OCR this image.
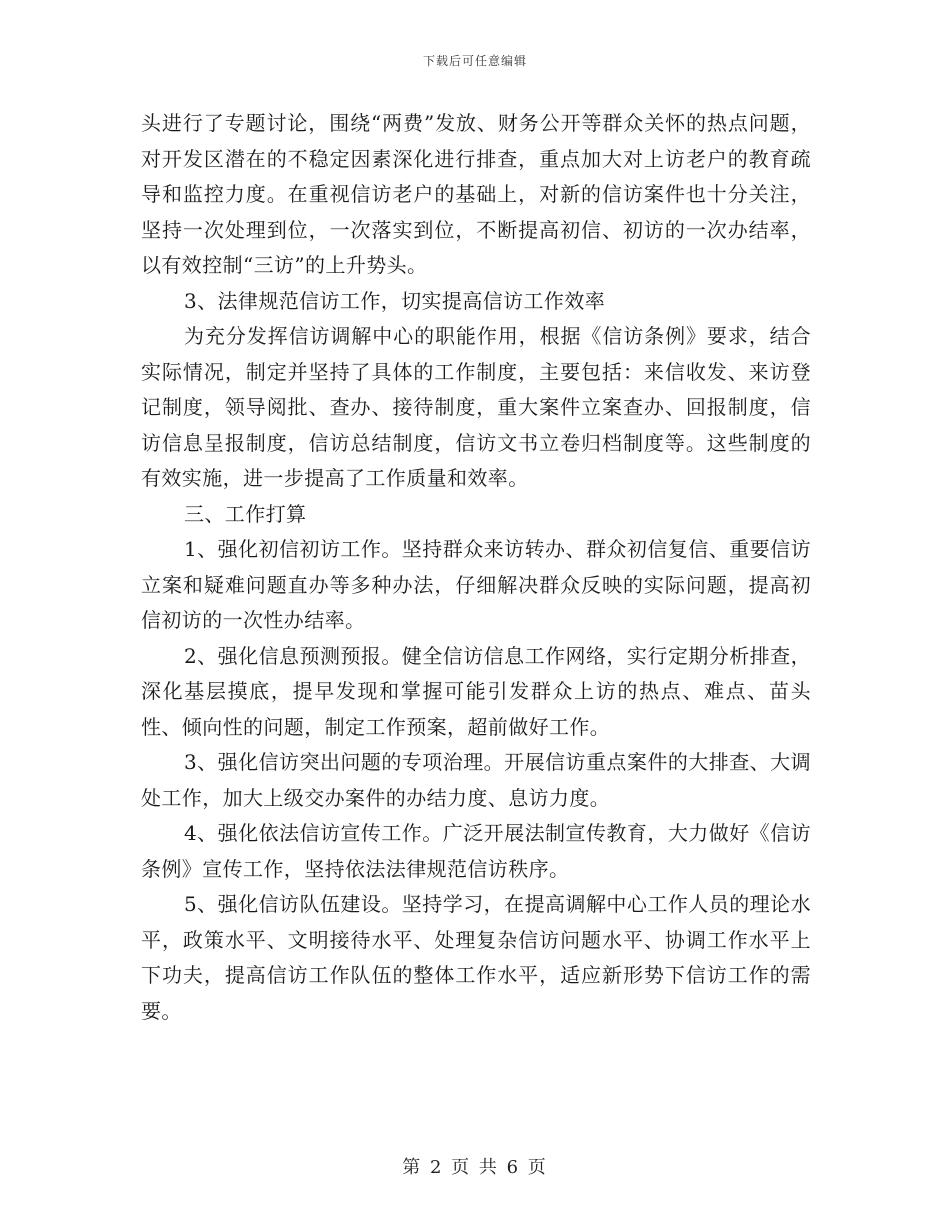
下载后可任意编辑

头进行了专题讨论，围绕“两费”发放、财务公开等群众关怀的热点问题，对开发区潜在的不稳定因素深化进行排查，重点加大对上访老户的教育疏导和监控力度。在重视信访老户的基础上，对新的信访案件也十分关注，坚持一次处理到位，一次落实到位，不断提高初信、初访的一次办结率，以有效控制“三访”的上升势头。

3、法律规范信访工作，切实提高信访工作效率

为充分发挥信访调解中心的职能作用，根据《信访条例》要求，结合实际情况，制定并坚持了具体的工作制度，主要包括：来信收发、来访登记制度，领导阅批、查办、接待制度，重大案件立案查办、回报制度，信访信息呈报制度，信访总结制度，信访文书立卷归档制度等。这些制度的有效实施，进一步提高了工作质量和效率。

三、工作打算

1、强化初信初访工作。坚持群众来访转办、群众初信复信、重要信访立案和疑难问题直办等多种办法，仔细解决群众反映的实际问题，提高初信初访的一次性办结率。

2、强化信息预测预报。健全信访信息工作网络，实行定期分析排查，深化基层摸底，提早发现和掌握可能引发群众上访的热点、难点、苗头性、倾向性的问题，制定工作预案，超前做好工作。

3、强化信访突出问题的专项治理。开展信访重点案件的大排查、大调处工作，加大上级交办案件的办结力度、息访力度。

4、强化依法信访宣传工作。广泛开展法制宣传教育，大力做好《信访条例》宣传工作，坚持依法法律规范信访秩序。

5、强化信访队伍建设。坚持学习，在提高调解中心工作人员的理论水平，政策水平、文明接待水平、处理复杂信访问题水平、协调工作水平上下功夫，提高信访工作队伍的整体工作水平，适应新形势下信访工作的需要。

第 2 页 共 6 页
